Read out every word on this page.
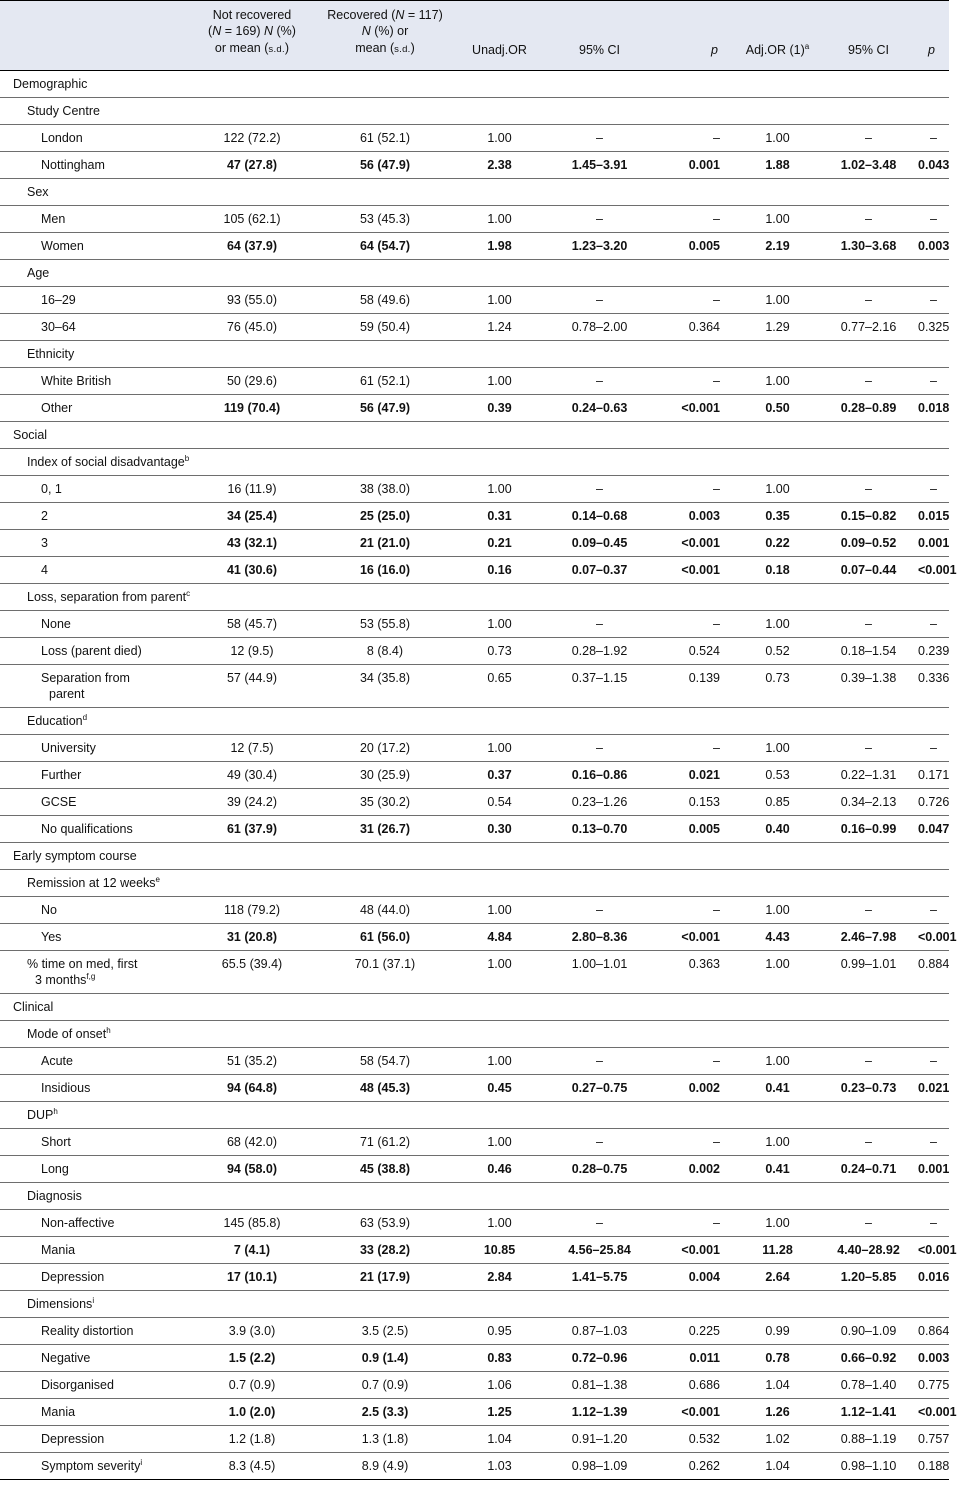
	Not recovered
(N = 169) N (%)
or mean (s.d.)	Recovered (N = 117)
N (%) or
mean (s.d.)	Unadj.OR	95% CI	p	Adj.OR $(1)^a$	95% CI	p
Demographic								
Study Centre								
London	122 (72.2)	61 (52.1)	1.00	–	–	1.00	–	–
Nottingham	47 (27.8)	56 (47.9)	2.38	1.45–3.91	0.001	1.88	1.02–3.48	0.043
Sex								
Men	105 (62.1)	53 (45.3)	1.00	–	–	1.00	–	–
Women	64 (37.9)	64 (54.7)	1.98	1.23–3.20	0.005	2.19	1.30–3.68	0.003
Age								
16–29	93 (55.0)	58 (49.6)	1.00	–	–	1.00	–	–
30–64	76 (45.0)	59 (50.4)	1.24	0.78–2.00	0.364	1.29	0.77–2.16	0.325
Ethnicity								
White British	50 (29.6)	61 (52.1)	1.00	–	–	1.00	–	–
Other	119 (70.4)	56 (47.9)	0.39	0.24–0.63	<0.001	0.50	0.28–0.89	0.018
Social								
Index of social disadvantage$^b$
0, 1	16 (11.9)	38 (38.0)	1.00	–	–	1.00	–	–
2	34 (25.4)	25 (25.0)	0.31	0.14–0.68	0.003	0.35	0.15–0.82	0.015
3	43 (32.1)	21 (21.0)	0.21	0.09–0.45	<0.001	0.22	0.09–0.52	0.001
4	41 (30.6)	16 (16.0)	0.16	0.07–0.37	<0.001	0.18	0.07–0.44	<0.001
Loss, separation from parent$^c$
None	58 (45.7)	53 (55.8)	1.00	–	–	1.00	–	–
Loss (parent died)	12 (9.5)	8 (8.4)	0.73	0.28–1.92	0.524	0.52	0.18–1.54	0.239
Separation from
parent	57 (44.9)	34 (35.8)	0.65	0.37–1.15	0.139	0.73	0.39–1.38	0.336
Education$^d$
University	12 (7.5)	20 (17.2)	1.00	–	–	1.00	–	–
Further	49 (30.4)	30 (25.9)	0.37	0.16–0.86	0.021	0.53	0.22–1.31	0.171
GCSE	39 (24.2)	35 (30.2)	0.54	0.23–1.26	0.153	0.85	0.34–2.13	0.726
No qualifications	61 (37.9)	31 (26.7)	0.30	0.13–0.70	0.005	0.40	0.16–0.99	0.047
Early symptom course								
Remission at 12 weeks$^e$
No	118 (79.2)	48 (44.0)	1.00	–	–	1.00	–	–
Yes	31 (20.8)	61 (56.0)	4.84	2.80–8.36	<0.001	4.43	2.46–7.98	<0.001
% time on med, first
3 months$^{f,g}$	65.5 (39.4)	70.1 (37.1)	1.00	1.00–1.01	0.363	1.00	0.99–1.01	0.884
Clinical								
Mode of onset$^h$
Acute	51 (35.2)	58 (54.7)	1.00	–	–	1.00	–	–
Insidious	94 (64.8)	48 (45.3)	0.45	0.27–0.75	0.002	0.41	0.23–0.73	0.021
DUP$^h$
Short	68 (42.0)	71 (61.2)	1.00	–	–	1.00	–	–
Long	94 (58.0)	45 (38.8)	0.46	0.28–0.75	0.002	0.41	0.24–0.71	0.001
Diagnosis								
Non-affective	145 (85.8)	63 (53.9)	1.00	–	–	1.00	–	–
Mania	7 (4.1)	33 (28.2)	10.85	4.56–25.84	<0.001	11.28	4.40–28.92	<0.001
Depression	17 (10.1)	21 (17.9)	2.84	1.41–5.75	0.004	2.64	1.20–5.85	0.016
Dimensions$^i$
Reality distortion	3.9 (3.0)	3.5 (2.5)	0.95	0.87–1.03	0.225	0.99	0.90–1.09	0.864
Negative	1.5 (2.2)	0.9 (1.4)	0.83	0.72–0.96	0.011	0.78	0.66–0.92	0.003
Disorganised	0.7 (0.9)	0.7 (0.9)	1.06	0.81–1.38	0.686	1.04	0.78–1.40	0.775
Mania	1.0 (2.0)	2.5 (3.3)	1.25	1.12–1.39	<0.001	1.26	1.12–1.41	<0.001
Depression	1.2 (1.8)	1.3 (1.8)	1.04	0.91–1.20	0.532	1.02	0.88–1.19	0.757
Symptom severity$^i$	8.3 (4.5)	8.9 (4.9)	1.03	0.98–1.09	0.262	1.04	0.98–1.10	0.188
